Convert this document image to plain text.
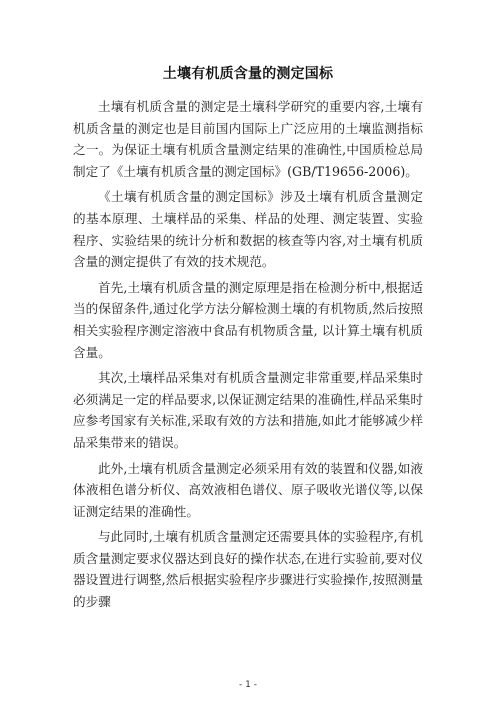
土壤有机质含量的测定国标

土壤有机质含量的测定是土壤科学研究的重要内容,土壤有机质含量的测定也是目前国内国际上广泛应用的土壤监测指标之一。为保证土壤有机质含量测定结果的准确性,中国质检总局制定了《土壤有机质含量的测定国标》(GB/T19656-2006)。

《土壤有机质含量的测定国标》涉及土壤有机质含量测定的基本原理、土壤样品的采集、样品的处理、测定装置、实验程序、实验结果的统计分析和数据的核查等内容,对土壤有机质含量的测定提供了有效的技术规范。

首先,土壤有机质含量的测定原理是指在检测分析中,根据适当的保留条件,通过化学方法分解检测土壤的有机物质,然后按照相关实验程序测定溶液中食品有机物质含量, 以计算土壤有机质含量。

其次,土壤样品采集对有机质含量测定非常重要,样品采集时必须满足一定的样品要求,以保证测定结果的准确性,样品采集时应参考国家有关标准,采取有效的方法和措施,如此才能够减少样品采集带来的错误。

此外,土壤有机质含量测定必须采用有效的装置和仪器,如液体液相色谱分析仪、高效液相色谱仪、原子吸收光谱仪等,以保证测定结果的准确性。

与此同时,土壤有机质含量测定还需要具体的实验程序,有机质含量测定要求仪器达到良好的操作状态,在进行实验前,要对仪器设置进行调整,然后根据实验程序步骤进行实验操作,按照测量的步骤

- 1 -
